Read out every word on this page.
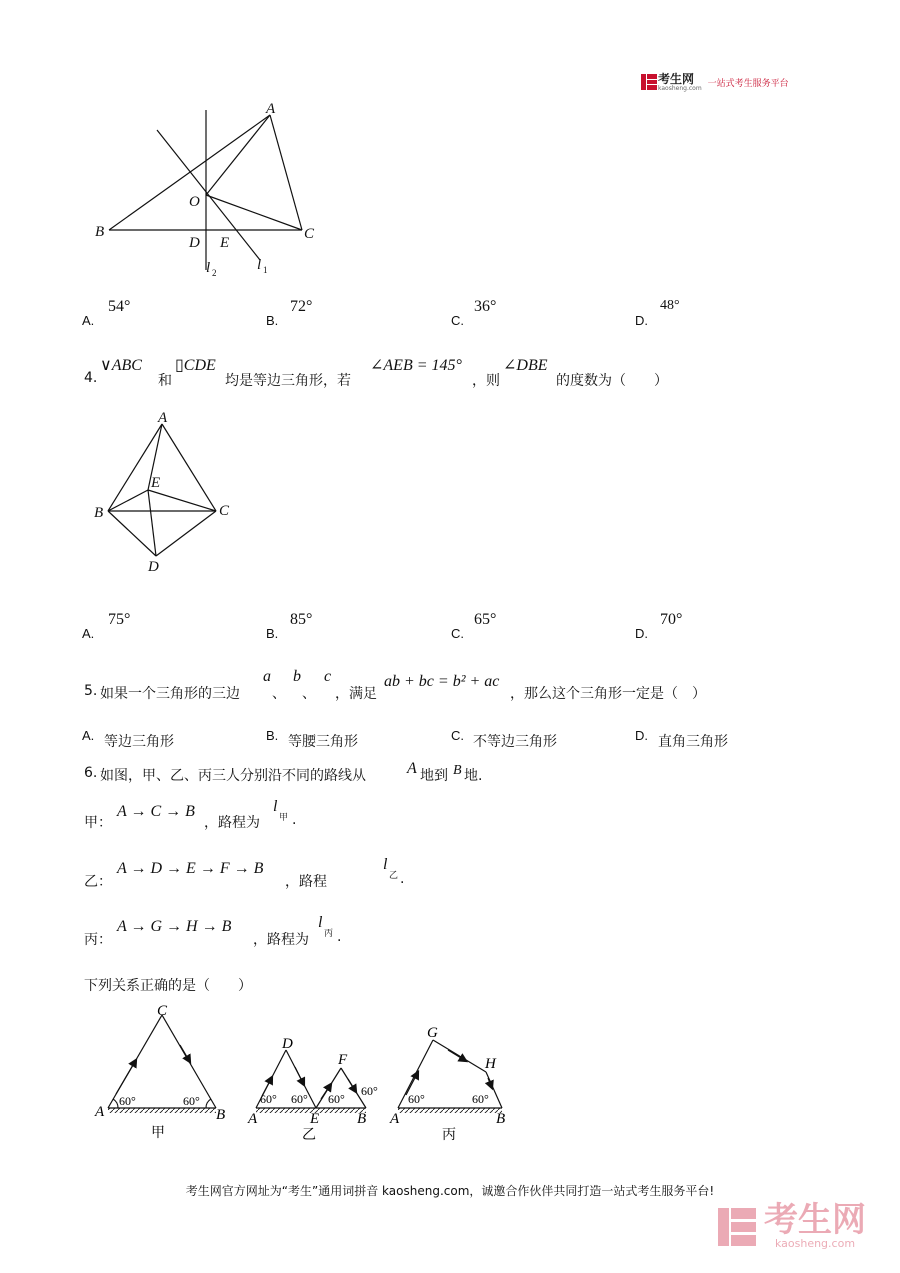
考生网
kaosheng.com 一站式考生服务平台
A
O
B	C
D E
l 2	l 1
A.
54°
B.
72°
C.
36°
D.
48°
4.
∨ABC
和
▯CDE
均是等边三角形，若
∠AEB = 145°
，则
∠DBE
的度数为（　　）
A
E
B	C
D
A.
75°
B.
85°
C.
65°
D.
70°
5. 如果一个三角形的三边
a
、
b
、
c
，满足
ab + bc = b² + ac
，那么这个三角形一定是（　）
A. 等边三角形	B. 等腰三角形	C. 不等边三角形	D. 直角三角形
6. 如图，甲、乙、丙三人分别沿不同的路线从	A 地到 B 地.
甲：
A → C → B
，路程为
l
甲 .
乙：
A → D → E → F → B
，路程
l
乙 .
丙：
A → G → H → B
，路程为
l
丙 .
下列关系正确的是（　　）
C
A	B
60°	60°
甲
D
F
A	E	B
60° 60° 60°
60°
乙
G
H
A	B
60°	60°
丙
考生网官方网址为“考生”通用词拼音 kaosheng.com，诚邀合作伙伴共同打造一站式考生服务平台!
考生网
kaosheng.com
